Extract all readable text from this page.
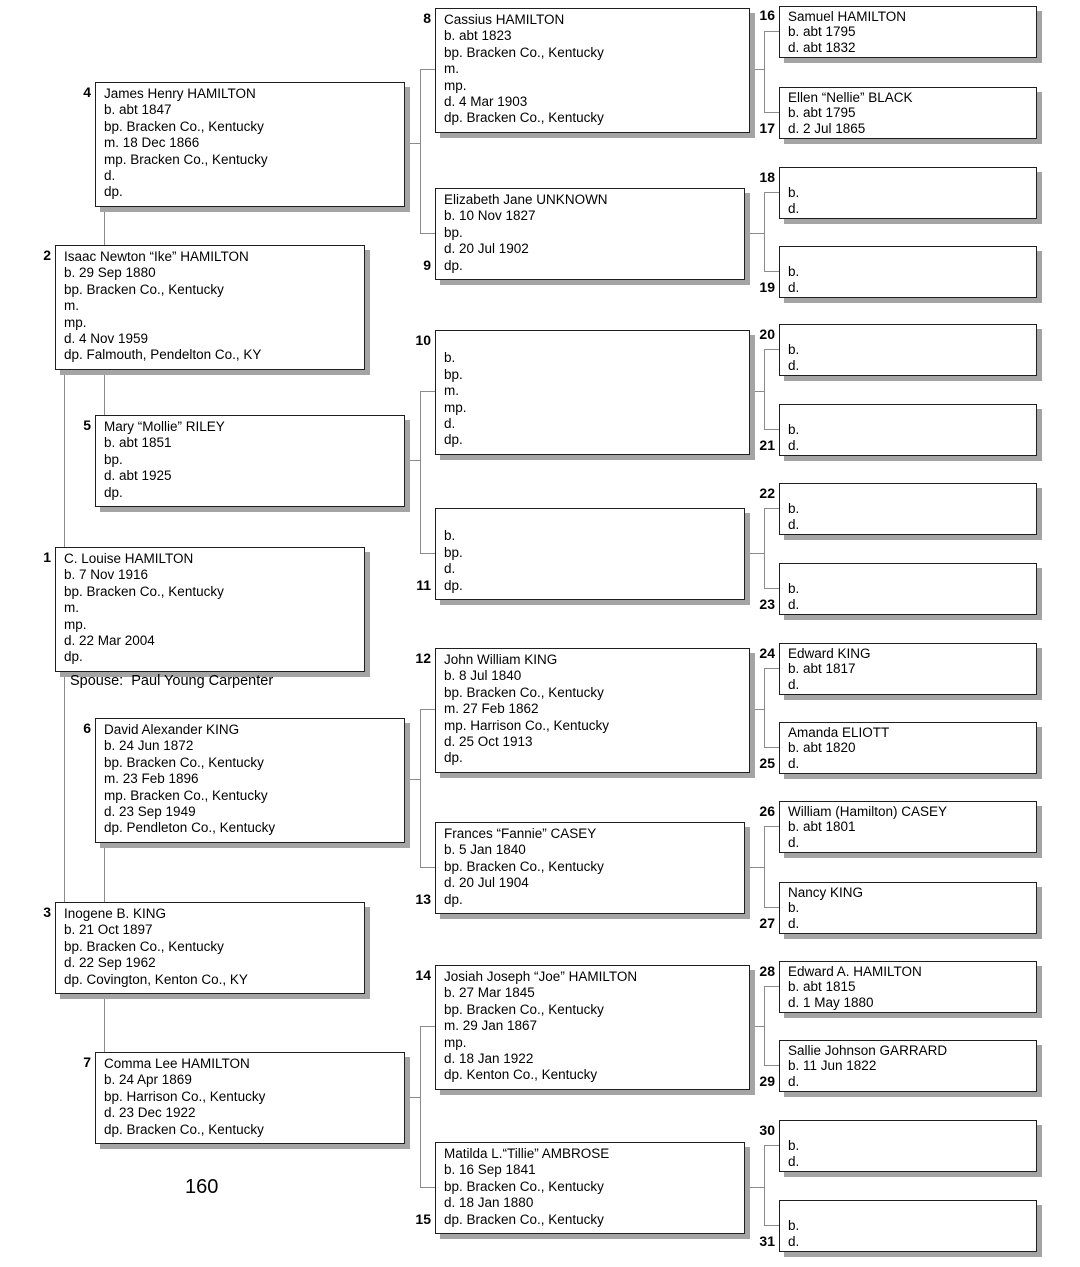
1
2
3
4
5
6
7
8
9
10
11
12
13
14
15
16
17
18
19
20
21
22
23
24
25
26
27
28
29
30
31
James Henry HAMILTON
b. abt 1847
bp. Bracken Co., Kentucky
m. 18 Dec 1866
mp. Bracken Co., Kentucky
d.
dp.
Isaac Newton “Ike” HAMILTON
b. 29 Sep 1880
bp. Bracken Co., Kentucky
m.
mp.
d. 4 Nov 1959
dp. Falmouth, Pendelton Co., KY
Mary “Mollie” RILEY
b. abt 1851
bp.
d. abt 1925
dp.
C. Louise HAMILTON
b. 7 Nov 1916
bp. Bracken Co., Kentucky
m.
mp.
d. 22 Mar 2004
dp.
Spouse:  Paul Young Carpenter
David Alexander KING
b. 24 Jun 1872
bp. Bracken Co., Kentucky
m. 23 Feb 1896
mp. Bracken Co., Kentucky
d. 23 Sep 1949
dp. Pendleton Co., Kentucky
Inogene B. KING
b. 21 Oct 1897
bp. Bracken Co., Kentucky
d. 22 Sep 1962
dp. Covington, Kenton Co., KY
Comma Lee HAMILTON
b. 24 Apr 1869
bp. Harrison Co., Kentucky
d. 23 Dec 1922
dp. Bracken Co., Kentucky
160
Cassius HAMILTON
b. abt 1823
bp. Bracken Co., Kentucky
m.
mp.
d. 4 Mar 1903
dp. Bracken Co., Kentucky
Elizabeth Jane UNKNOWN
b. 10 Nov 1827
bp.
d. 20 Jul 1902
dp.
b.
bp.
m.
mp.
d.
dp.
b.
bp.
d.
dp.
John William KING
b. 8 Jul 1840
bp. Bracken Co., Kentucky
m. 27 Feb 1862
mp. Harrison Co., Kentucky
d. 25 Oct 1913
dp.
Frances “Fannie” CASEY
b. 5 Jan 1840
bp. Bracken Co., Kentucky
d. 20 Jul 1904
dp.
Josiah Joseph “Joe” HAMILTON
b. 27 Mar 1845
bp. Bracken Co., Kentucky
m. 29 Jan 1867
mp.
d. 18 Jan 1922
dp. Kenton Co., Kentucky
Matilda L.“Tillie” AMBROSE
b. 16 Sep 1841
bp. Bracken Co., Kentucky
d. 18 Jan 1880
dp. Bracken Co., Kentucky
Samuel HAMILTON
b. abt 1795
d. abt 1832
Ellen “Nellie” BLACK
b. abt 1795
d. 2 Jul 1865
b.
d.
b.
d.
b.
d.
b.
d.
b.
d.
b.
d.
Edward KING
b. abt 1817
d.
Amanda ELIOTT
b. abt 1820
d.
William (Hamilton) CASEY
b. abt 1801
d.
Nancy KING
b.
d.
Edward A. HAMILTON
b. abt 1815
d. 1 May 1880
Sallie Johnson GARRARD
b. 11 Jun 1822
d.
b.
d.
b.
d.
